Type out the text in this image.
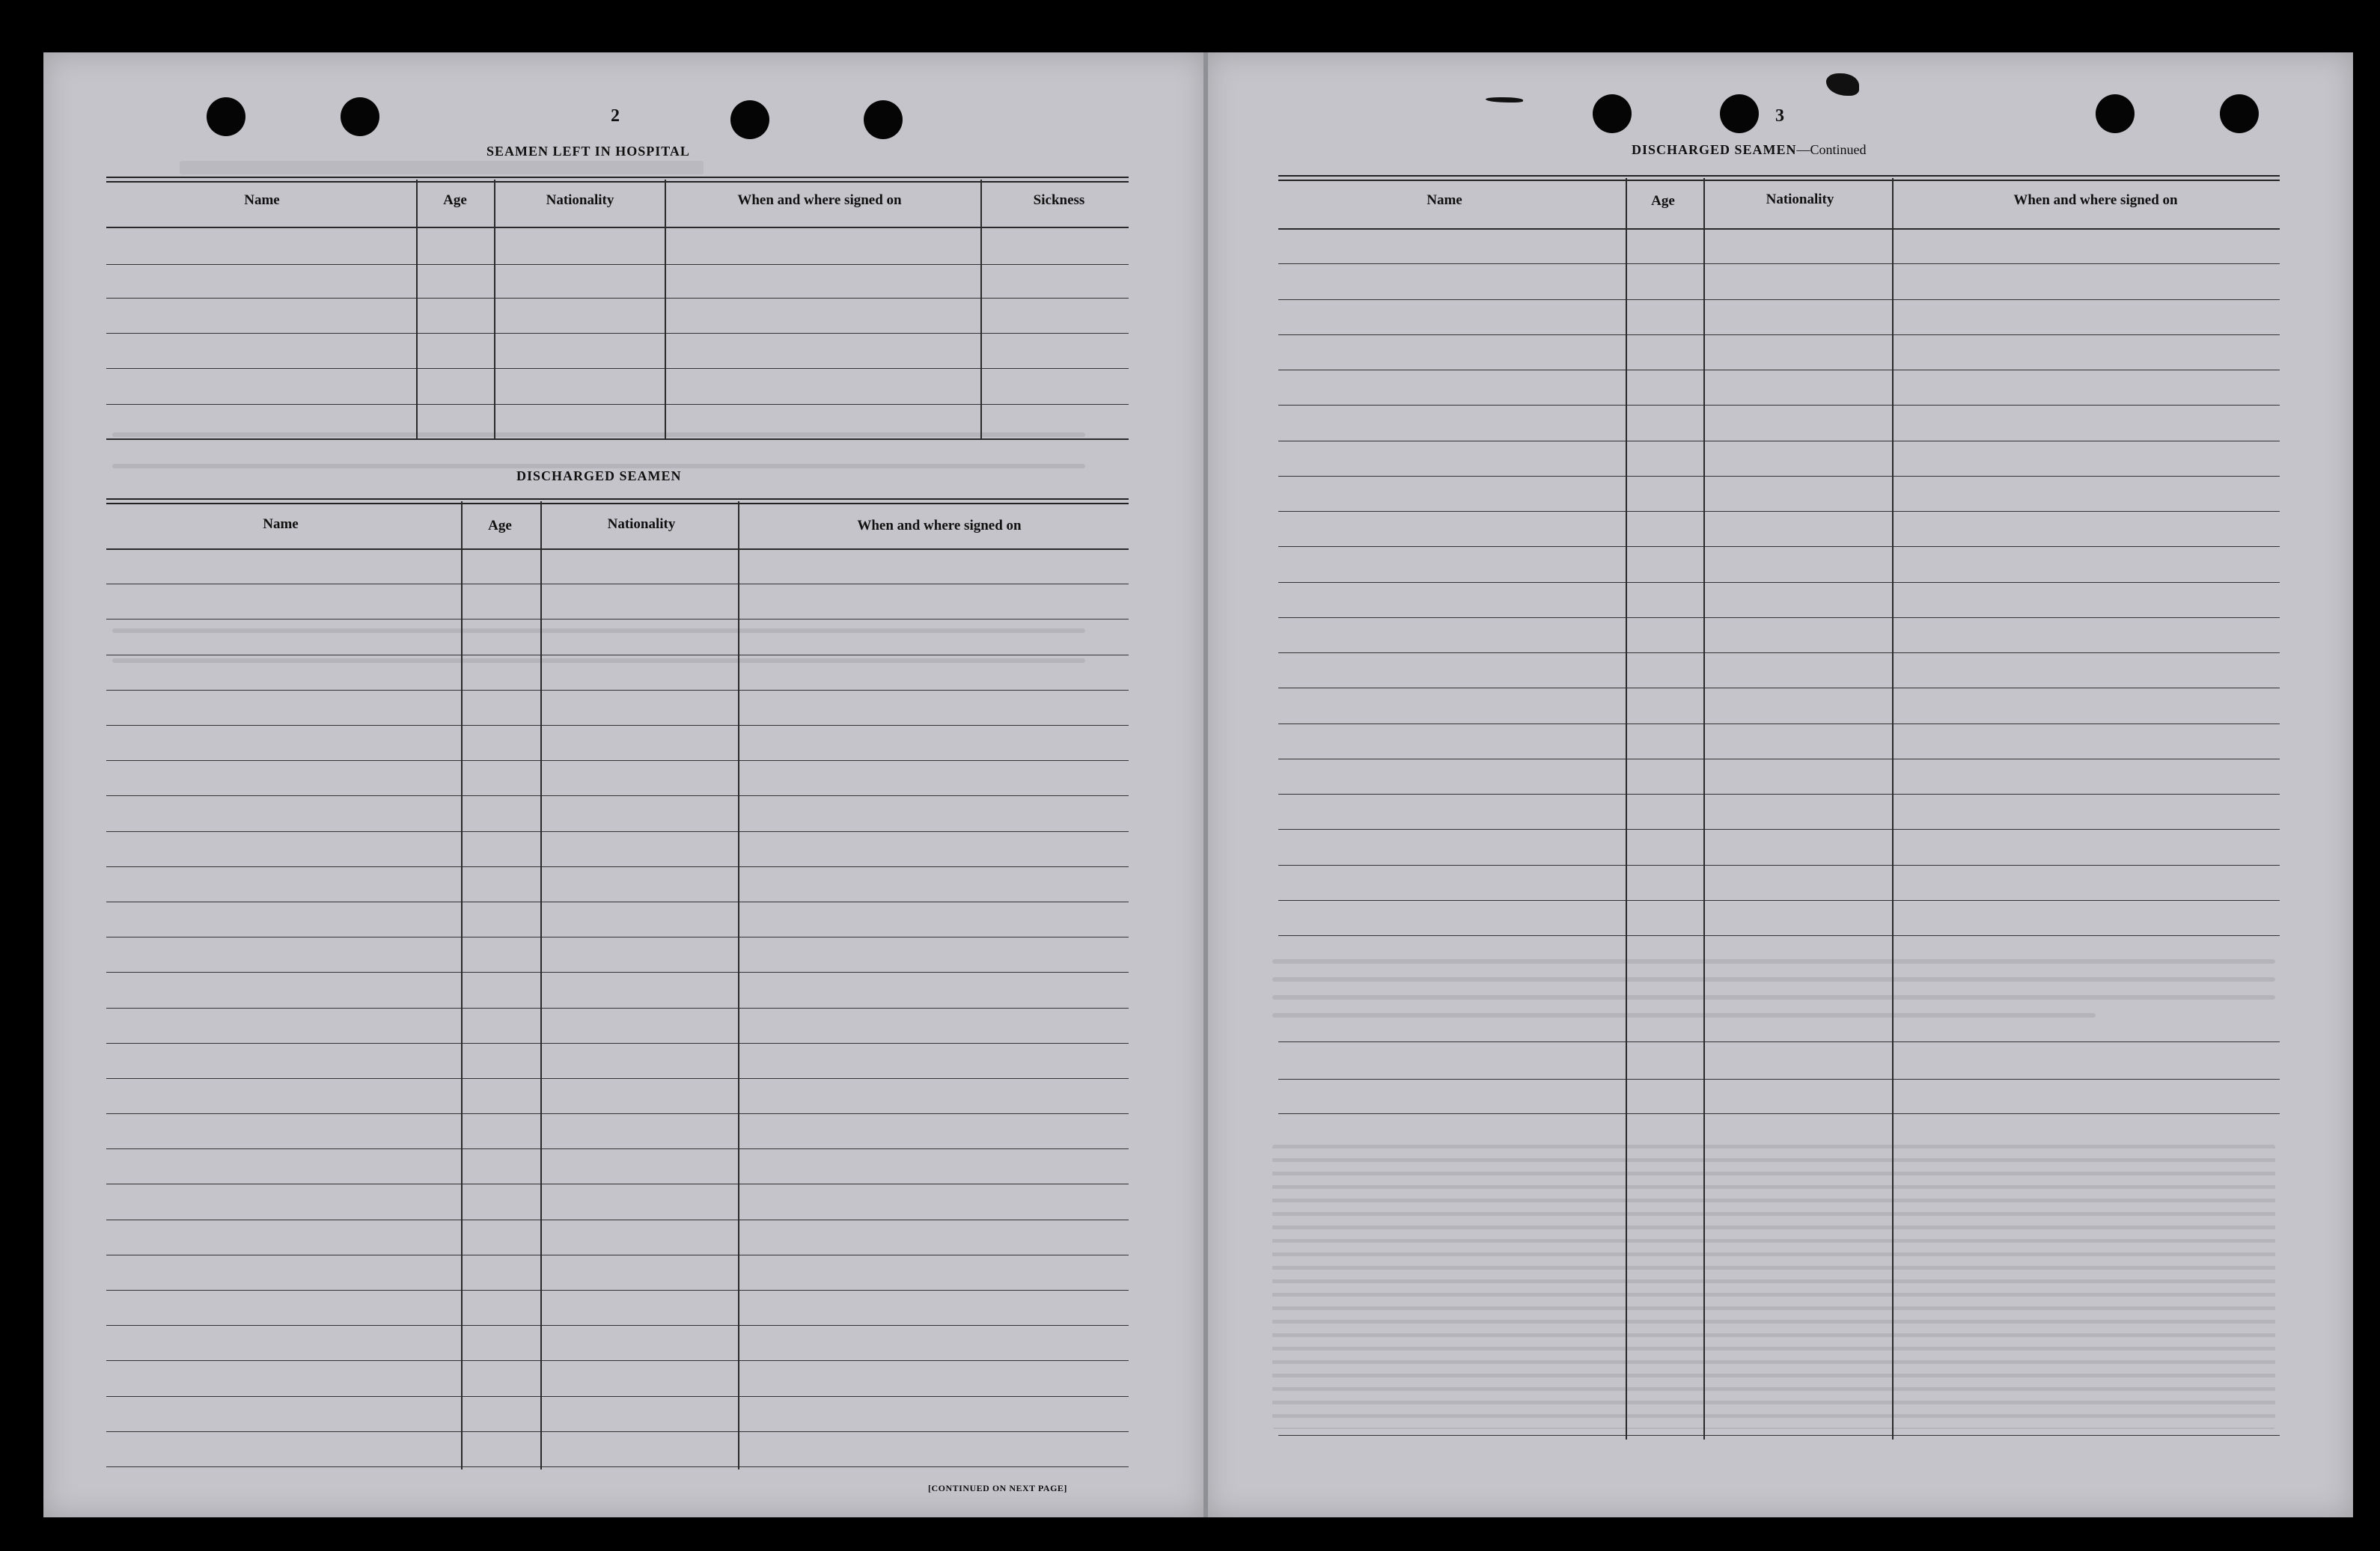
2
SEAMEN LEFT IN HOSPITAL
Name	Age	Nationality	When and where signed on	Sickness
DISCHARGED SEAMEN
Name	Age	Nationality	When and where signed on
[CONTINUED ON NEXT PAGE]
3
DISCHARGED SEAMEN—Continued
Name	Age	Nationality	When and where signed on
